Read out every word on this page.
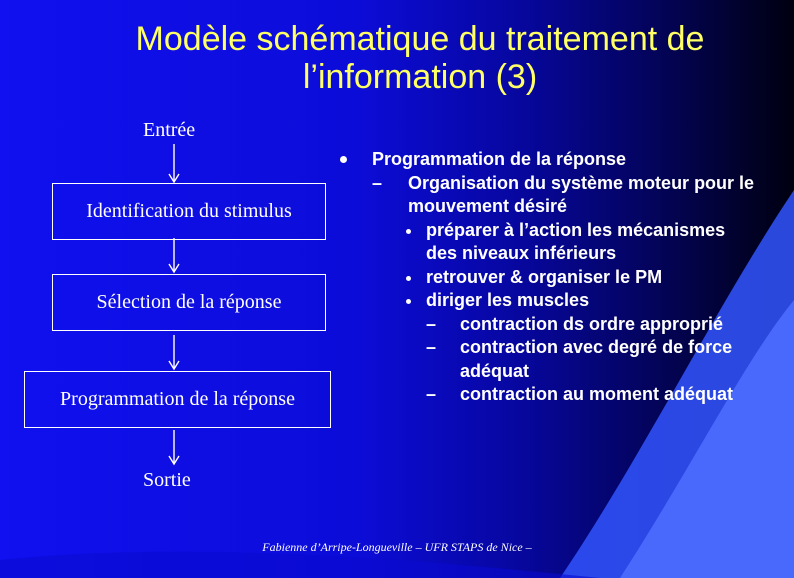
Modèle schématique du traitement de
l’information (3)
Entrée
Identification du stimulus
Sélection de la réponse
Programmation de la réponse
Sortie
Programmation de la réponse
– Organisation du système moteur pour le mouvement désiré
préparer à l’action les mécanismes des niveaux inférieurs
retrouver & organiser le PM
diriger les muscles
– contraction ds ordre approprié
– contraction avec degré de force adéquat
– contraction au moment adéquat
Fabienne d’Arripe-Longueville – UFR STAPS de Nice –
